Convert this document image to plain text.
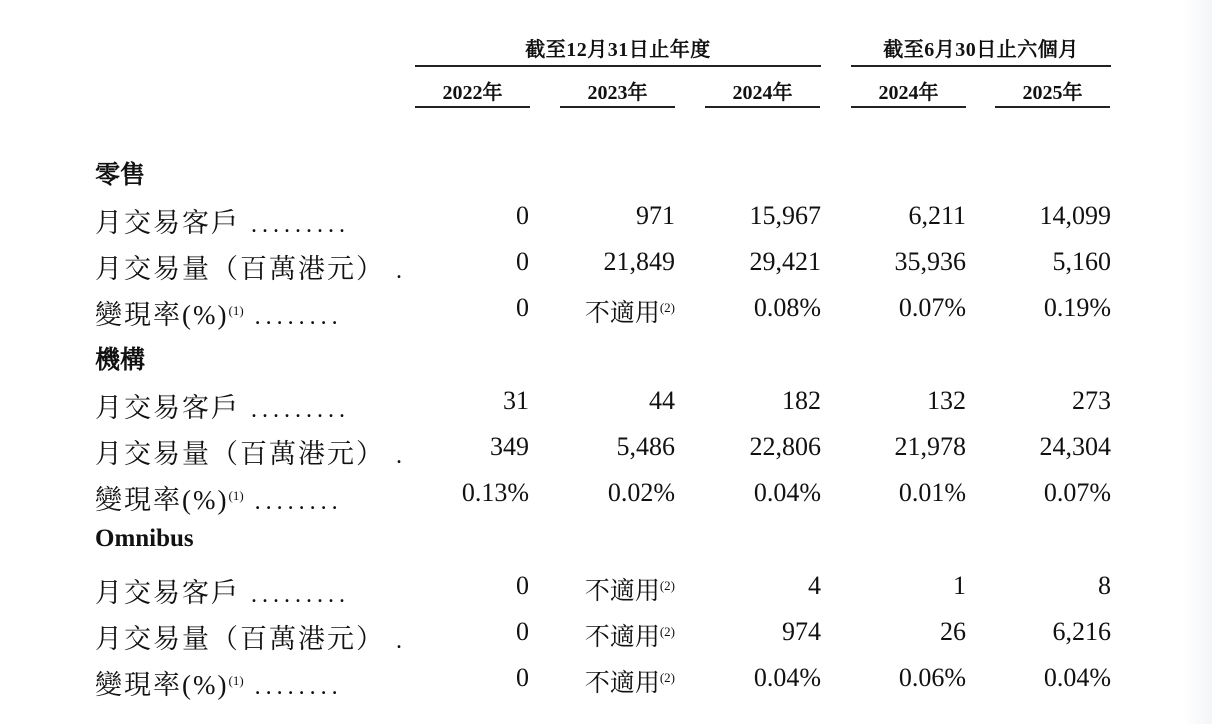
截至12月31日止年度	截至6月30日止六個月
2022年	2023年	2024年	2024年	2025年
零售
月交易客戶 .........	0	971	15,967	6,211	14,099
月交易量（百萬港元） .	0	21,849	29,421	35,936	5,160
變現率(%)$^{(1)}$ ........	0	不適用$^{(2)}$	0.08%	0.07%	0.19%
機構
月交易客戶 .........	31	44	182	132	273
月交易量（百萬港元） .	349	5,486	22,806	21,978	24,304
變現率(%)$^{(1)}$ ........	0.13%	0.02%	0.04%	0.01%	0.07%
Omnibus
月交易客戶 .........	0	不適用$^{(2)}$	4	1	8
月交易量（百萬港元） .	0	不適用$^{(2)}$	974	26	6,216
變現率(%)$^{(1)}$ ........	0	不適用$^{(2)}$	0.04%	0.06%	0.04%
